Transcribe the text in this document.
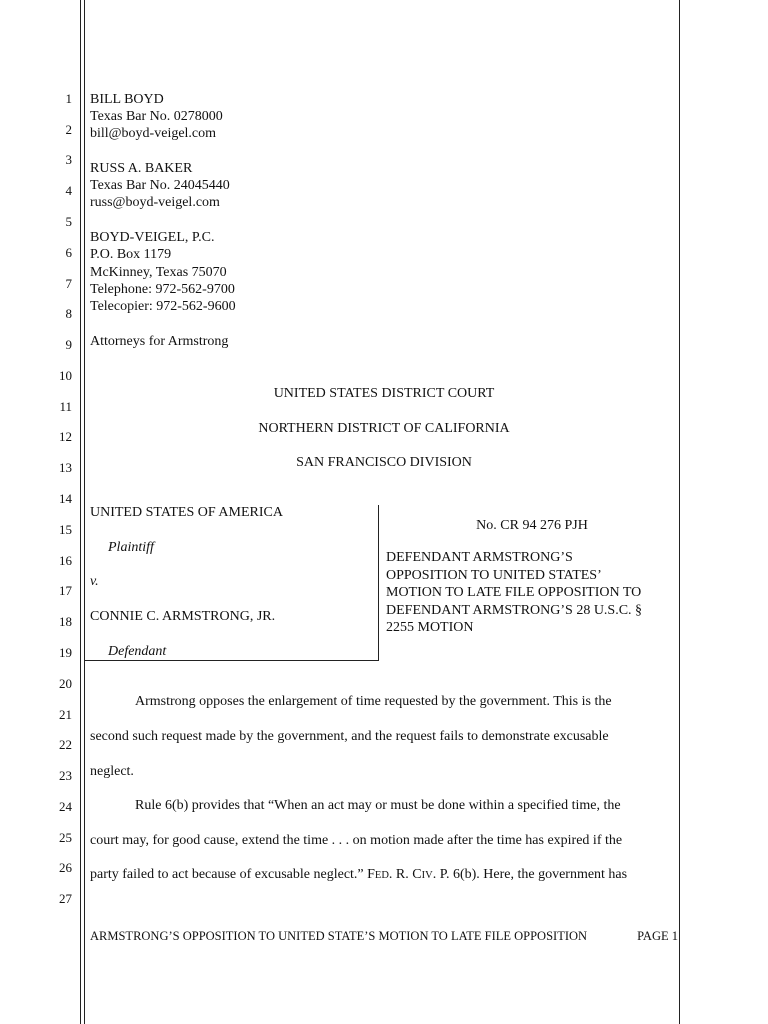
1
2
3
4
5
6
7
8
9
10
11
12
13
14
15
16
17
18
19
20
21
22
23
24
25
26
27
BILL BOYD
Texas Bar No. 0278000
bill@boyd-veigel.com
RUSS A. BAKER
Texas Bar No. 24045440
russ@boyd-veigel.com
BOYD-VEIGEL, P.C.
P.O. Box 1179
McKinney, Texas 75070
Telephone: 972-562-9700
Telecopier: 972-562-9600
Attorneys for Armstrong
UNITED STATES DISTRICT COURT
NORTHERN DISTRICT OF CALIFORNIA
SAN FRANCISCO DIVISION
UNITED STATES OF AMERICA
Plaintiff
v.
CONNIE C. ARMSTRONG, JR.
Defendant
No. CR 94 276 PJH
DEFENDANT ARMSTRONG’S
OPPOSITION TO UNITED STATES’
MOTION TO LATE FILE OPPOSITION TO
DEFENDANT ARMSTRONG’S 28 U.S.C. §
2255 MOTION
Armstrong opposes the enlargement of time requested by the government. This is the
second such request made by the government, and the request fails to demonstrate excusable
neglect.
Rule 6(b) provides that “When an act may or must be done within a specified time, the
court may, for good cause, extend the time . . . on motion made after the time has expired if the
party failed to act because of excusable neglect.” FED. R. CIV. P. 6(b). Here, the government has
ARMSTRONG’S OPPOSITION TO UNITED STATE’S MOTION TO LATE FILE OPPOSITION	PAGE 1
